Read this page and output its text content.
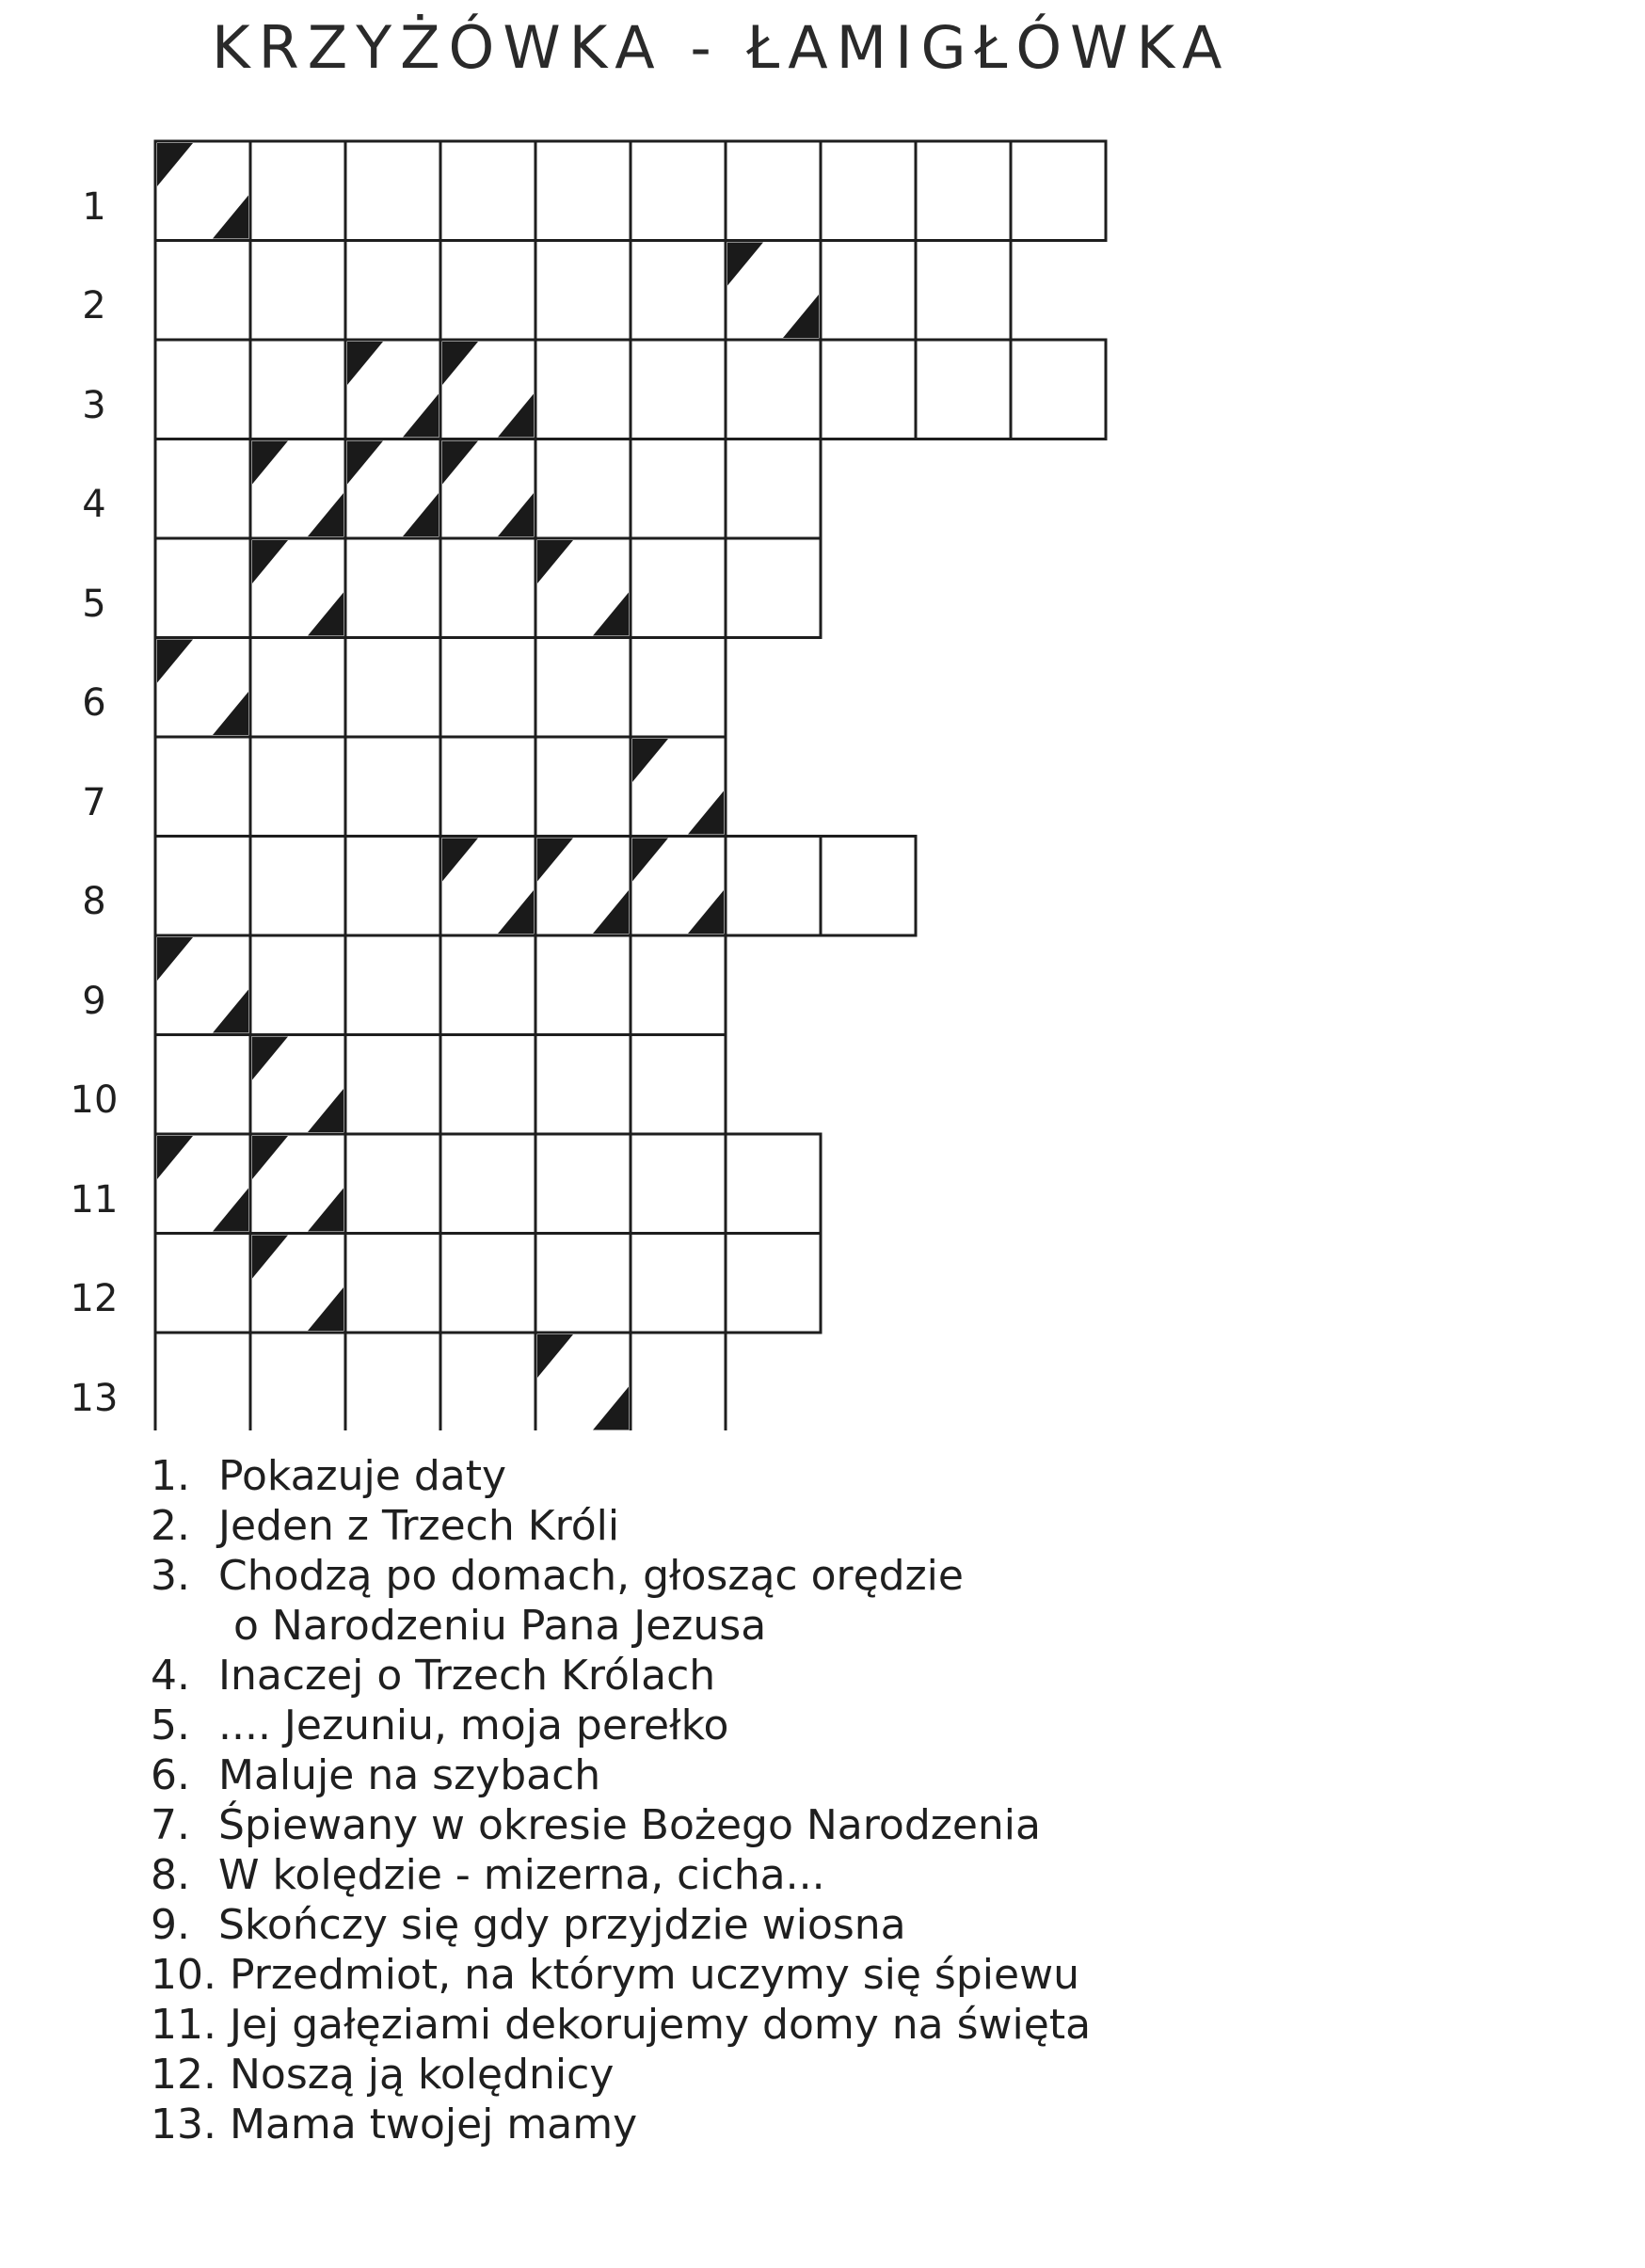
KRZYŻÓWKA - ŁAMIGŁÓWKA
1
2
3
4
5
6
7
8
9
10
11
12
13
1. Pokazuje daty
2. Jeden z Trzech Króli
3. Chodzą po domach, głosząc orędzie
o Narodzeniu Pana Jezusa
4. Inaczej o Trzech Królach
5. .... Jezuniu, moja perełko
6. Maluje na szybach
7. Śpiewany w okresie Bożego Narodzenia
8. W kolędzie - mizerna, cicha...
9. Skończy się gdy przyjdzie wiosna
10. Przedmiot, na którym uczymy się śpiewu
11. Jej gałęziami dekorujemy domy na święta
12. Noszą ją kolędnicy
13. Mama twojej mamy
